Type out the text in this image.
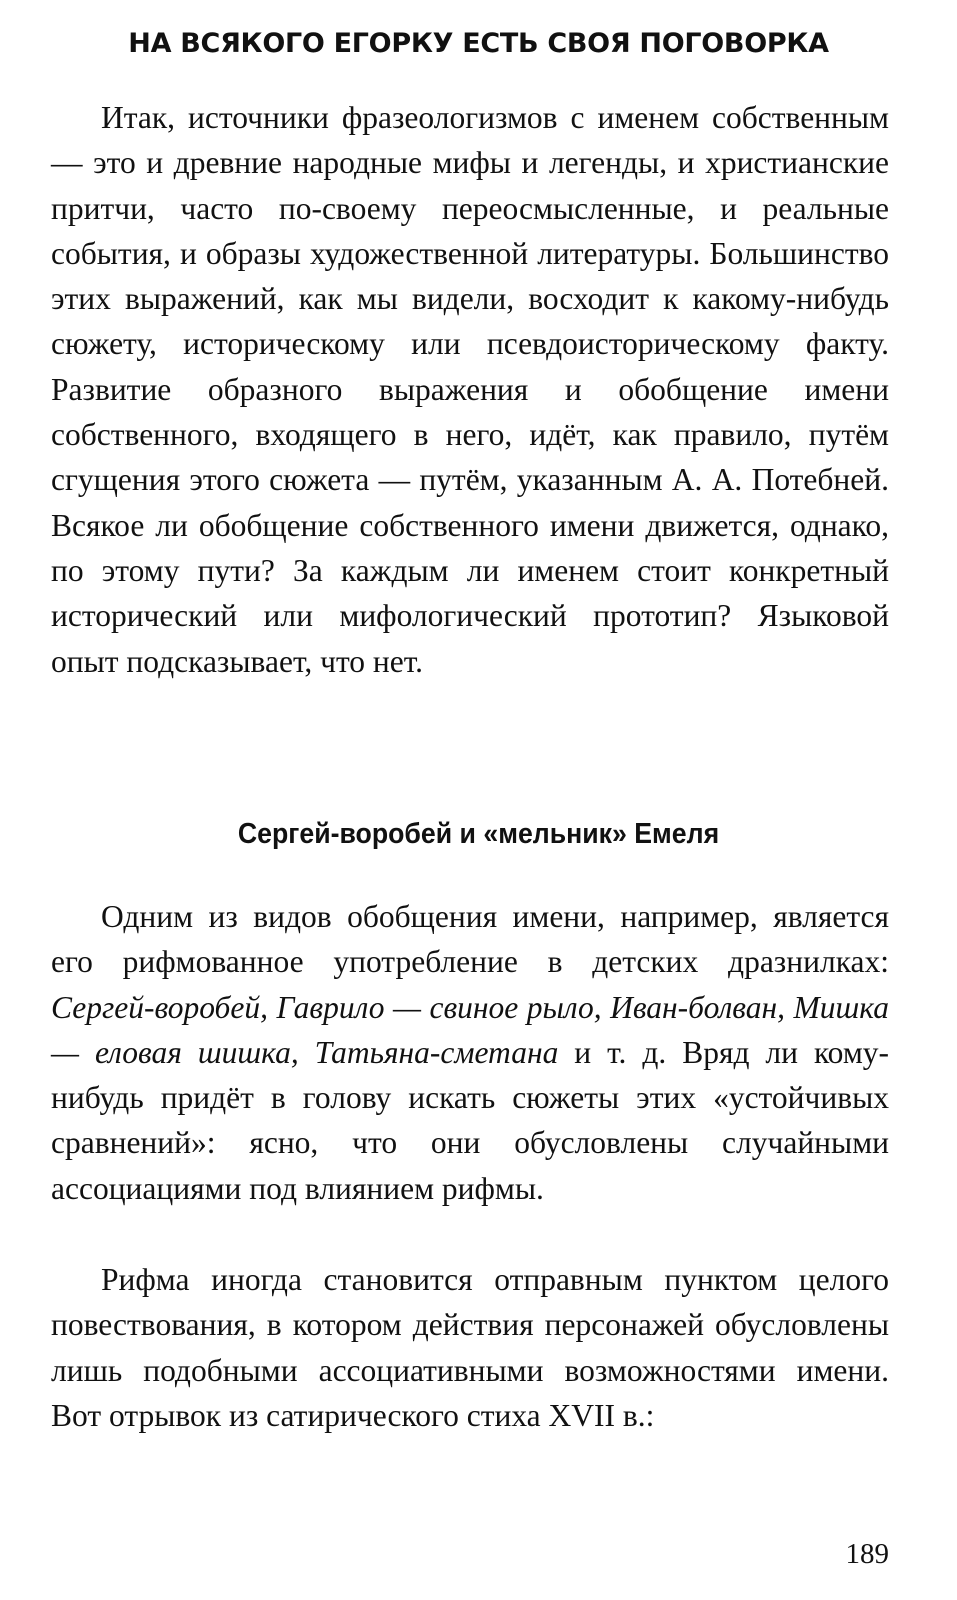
НА ВСЯКОГО ЕГОРКУ ЕСТЬ СВОЯ ПОГОВОРКА

Итак, источники фразеологизмов с именем собственным — это и древние народные мифы и легенды, и христианские притчи, часто по-своему переосмысленные, и реальные события, и образы художественной литературы. Большинство этих выражений, как мы видели, восходит к какому-нибудь сюжету, историческому или псевдоисторическому факту. Развитие образного выражения и обобщение имени собственного, входящего в него, идёт, как правило, путём сгущения этого сюжета — путём, указанным А. А. Потебней. Всякое ли обобщение собственного имени движется, однако, по этому пути? За каждым ли именем стоит конкретный исторический или мифологический прототип? Языковой опыт подсказывает, что нет.

Сергей-воробей и «мельник» Емеля

Одним из видов обобщения имени, например, является его рифмованное употребление в детских дразнилках: Сергей-воробей, Гаврило — свиное рыло, Иван-болван, Мишка — еловая шишка, Татьяна-сметана и т. д. Вряд ли кому-нибудь придёт в голову искать сюжеты этих «устойчивых сравнений»: ясно, что они обусловлены случайными ассоциациями под влиянием рифмы.

Рифма иногда становится отправным пунктом целого повествования, в котором действия персонажей обусловлены лишь подобными ассоциативными возможностями имени. Вот отрывок из сатирического стиха XVII в.:

189
